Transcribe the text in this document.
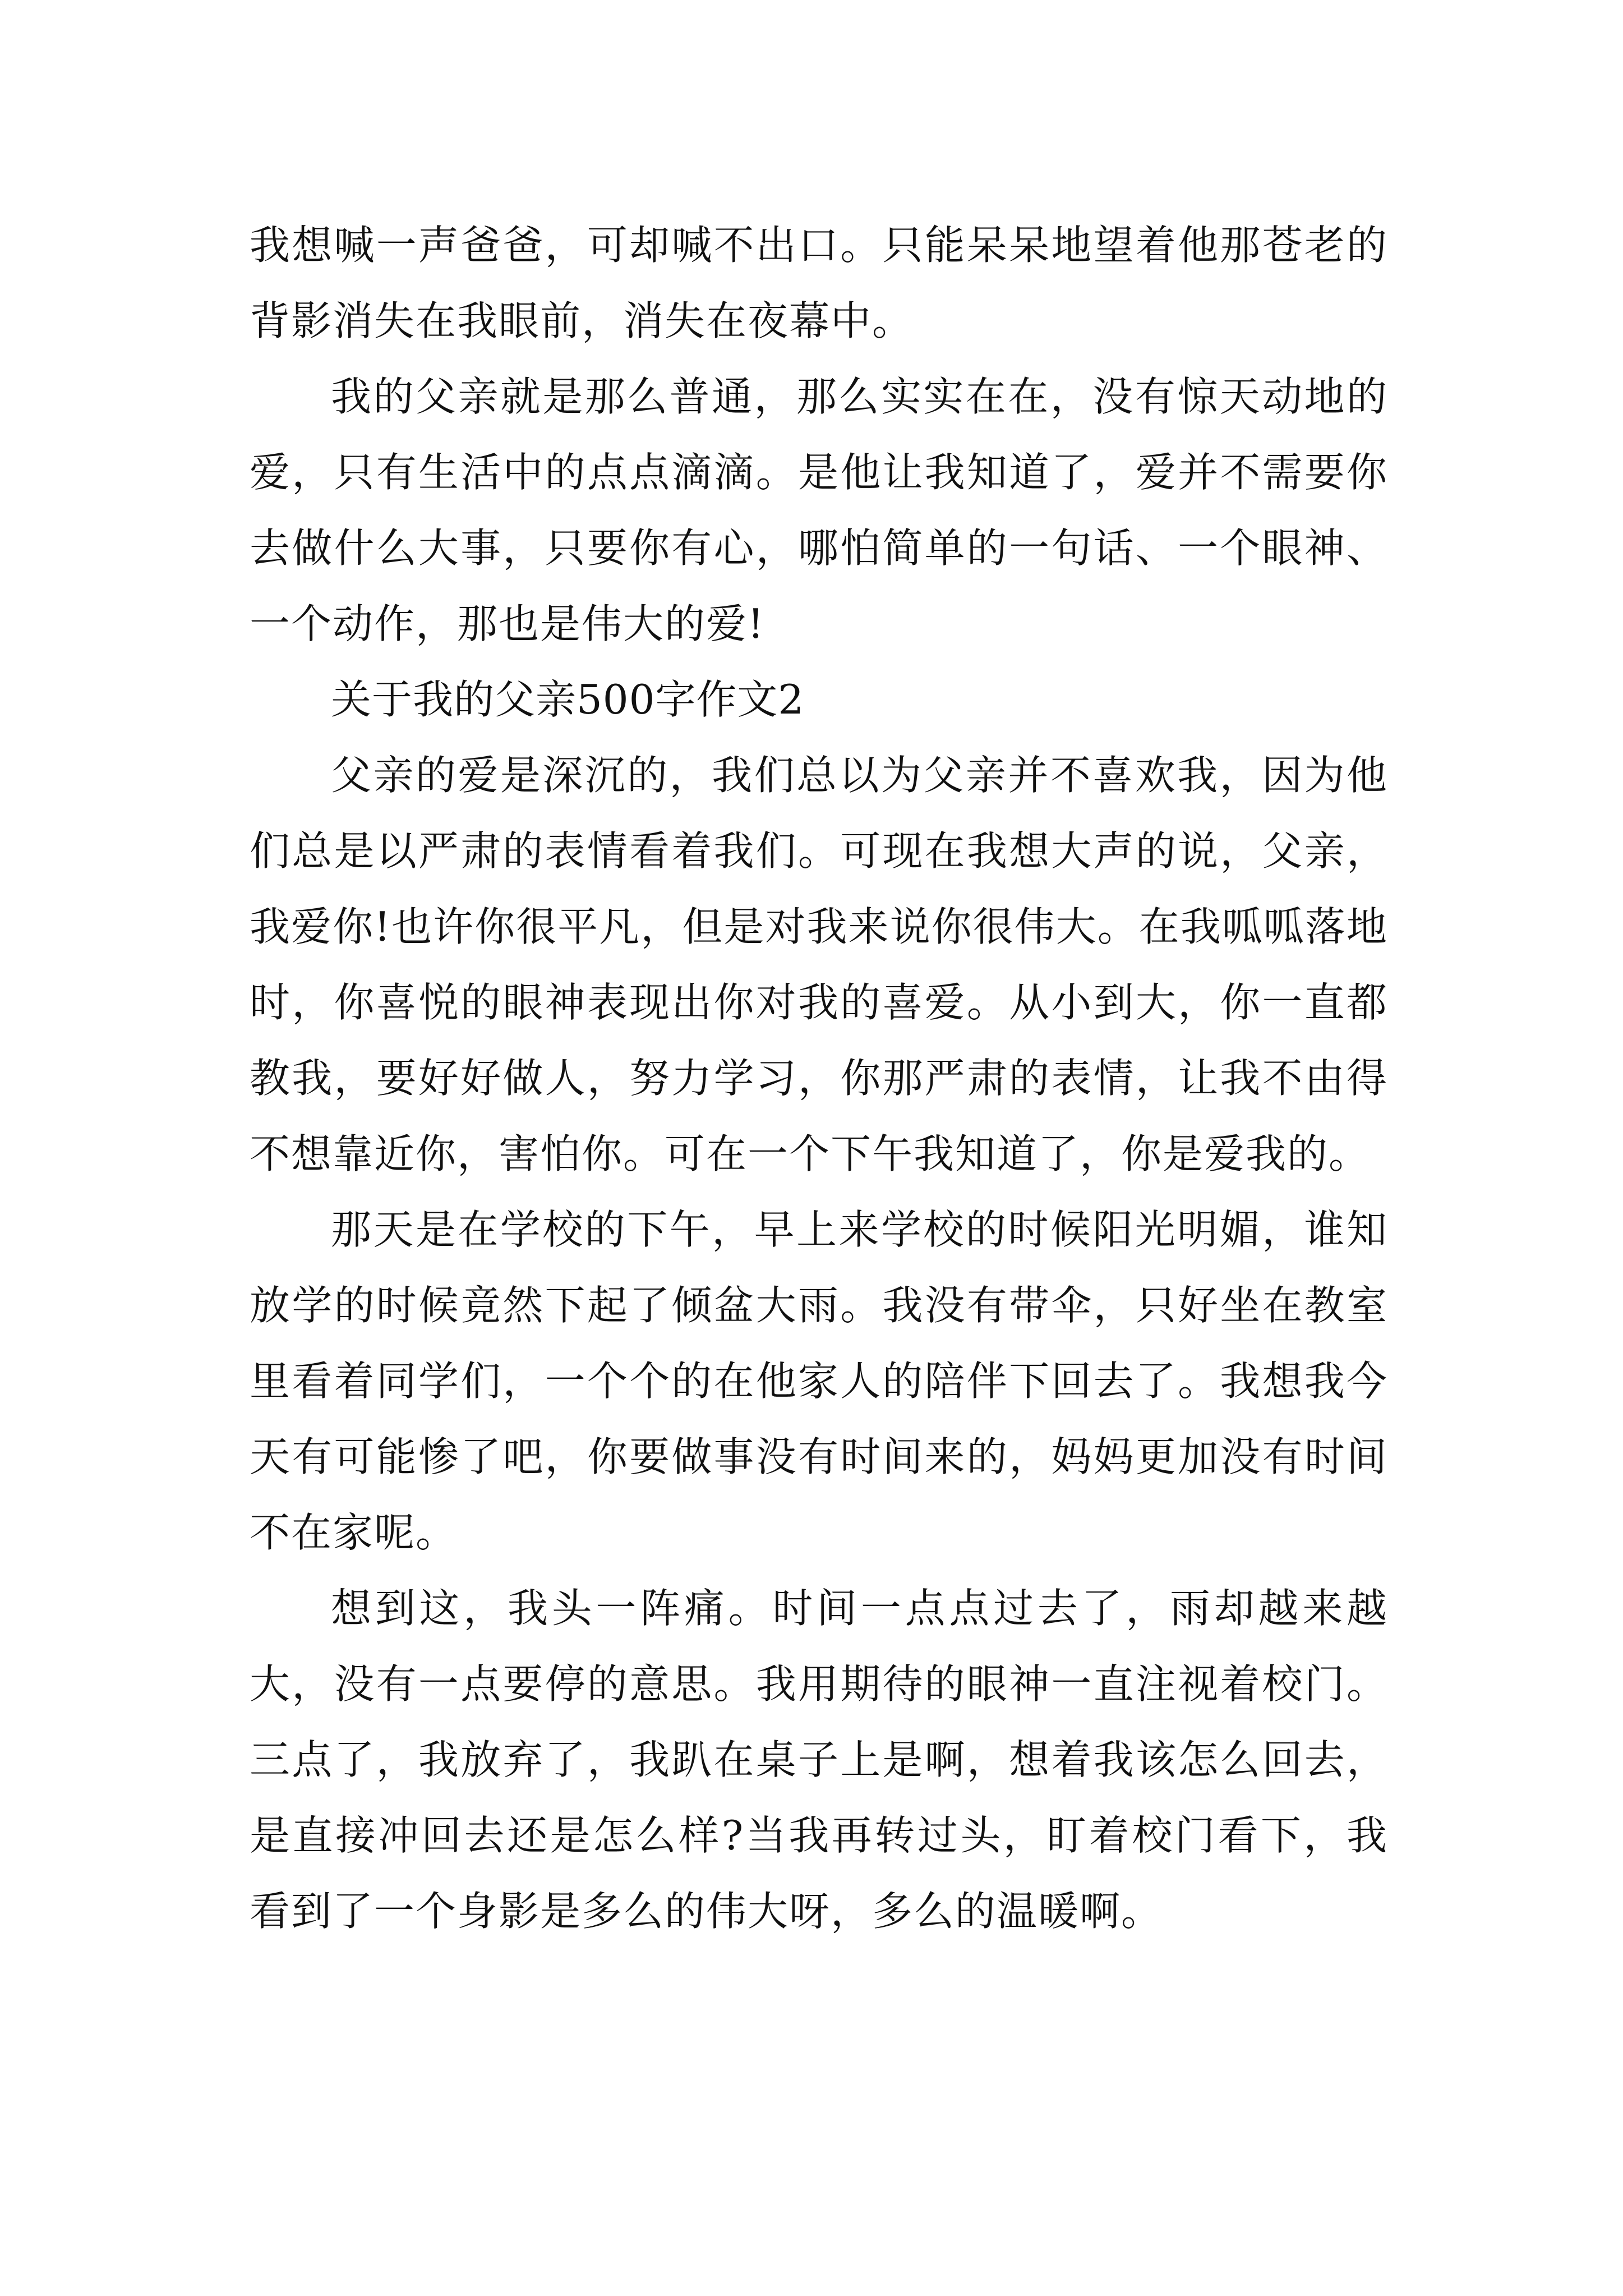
我想喊一声爸爸，可却喊不出口。只能呆呆地望着他那苍老的背影消失在我眼前，消失在夜幕中。

我的父亲就是那么普通，那么实实在在，没有惊天动地的爱，只有生活中的点点滴滴。是他让我知道了，爱并不需要你去做什么大事，只要你有心，哪怕简单的一句话、一个眼神、一个动作，那也是伟大的爱!

关于我的父亲500字作文2

父亲的爱是深沉的，我们总以为父亲并不喜欢我，因为他们总是以严肃的表情看着我们。可现在我想大声的说，父亲，我爱你!也许你很平凡，但是对我来说你很伟大。在我呱呱落地时，你喜悦的眼神表现出你对我的喜爱。从小到大，你一直都教我，要好好做人，努力学习，你那严肃的表情，让我不由得不想靠近你，害怕你。可在一个下午我知道了，你是爱我的。

那天是在学校的下午，早上来学校的时候阳光明媚，谁知放学的时候竟然下起了倾盆大雨。我没有带伞，只好坐在教室里看着同学们，一个个的在他家人的陪伴下回去了。我想我今天有可能惨了吧，你要做事没有时间来的，妈妈更加没有时间不在家呢。

想到这，我头一阵痛。时间一点点过去了，雨却越来越大，没有一点要停的意思。我用期待的眼神一直注视着校门。三点了，我放弃了，我趴在桌子上是啊，想着我该怎么回去，是直接冲回去还是怎么样?当我再转过头，盯着校门看下，我看到了一个身影是多么的伟大呀，多么的温暖啊。
